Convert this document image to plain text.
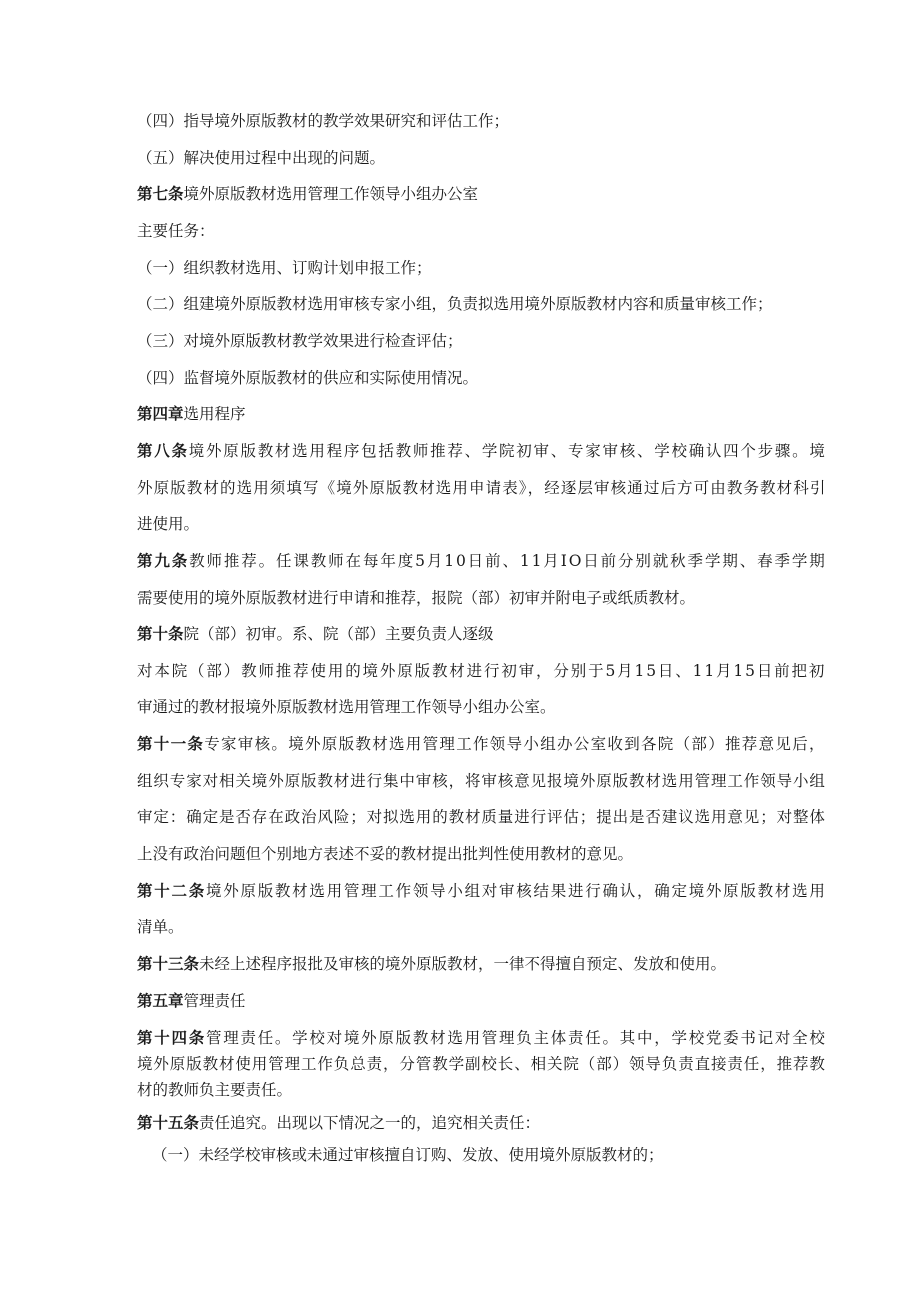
（四）指导境外原版教材的教学效果研究和评估工作；
（五）解决使用过程中出现的问题。
第七条境外原版教材选用管理工作领导小组办公室
主要任务：
（一）组织教材选用、订购计划申报工作；
（二）组建境外原版教材选用审核专家小组，负责拟选用境外原版教材内容和质量审核工作；
（三）对境外原版教材教学效果进行检查评估；
（四）监督境外原版教材的供应和实际使用情况。
第四章选用程序
第八条境外原版教材选用程序包括教师推荐、学院初审、专家审核、学校确认四个步骤。境
外原版教材的选用须填写《境外原版教材选用申请表》，经逐层审核通过后方可由教务教材科引
进使用。
第九条教师推荐。任课教师在每年度5月10日前、11月IO日前分别就秋季学期、春季学期
需要使用的境外原版教材进行申请和推荐，报院（部）初审并附电子或纸质教材。
第十条院（部）初审。系、院（部）主要负责人逐级
对本院（部）教师推荐使用的境外原版教材进行初审，分别于5月15日、11月15日前把初
审通过的教材报境外原版教材选用管理工作领导小组办公室。
第十一条专家审核。境外原版教材选用管理工作领导小组办公室收到各院（部）推荐意见后，
组织专家对相关境外原版教材进行集中审核，将审核意见报境外原版教材选用管理工作领导小组
审定：确定是否存在政治风险；对拟选用的教材质量进行评估；提出是否建议选用意见；对整体
上没有政治问题但个别地方表述不妥的教材提出批判性使用教材的意见。
第十二条境外原版教材选用管理工作领导小组对审核结果进行确认，确定境外原版教材选用
清单。
第十三条未经上述程序报批及审核的境外原版教材，一律不得擅自预定、发放和使用。
第五章管理责任
第十四条管理责任。学校对境外原版教材选用管理负主体责任。其中，学校党委书记对全校
境外原版教材使用管理工作负总责，分管教学副校长、相关院（部）领导负责直接责任，推荐教
材的教师负主要责任。
第十五条责任追究。出现以下情况之一的，追究相关责任：
（一）未经学校审核或未通过审核擅自订购、发放、使用境外原版教材的；
